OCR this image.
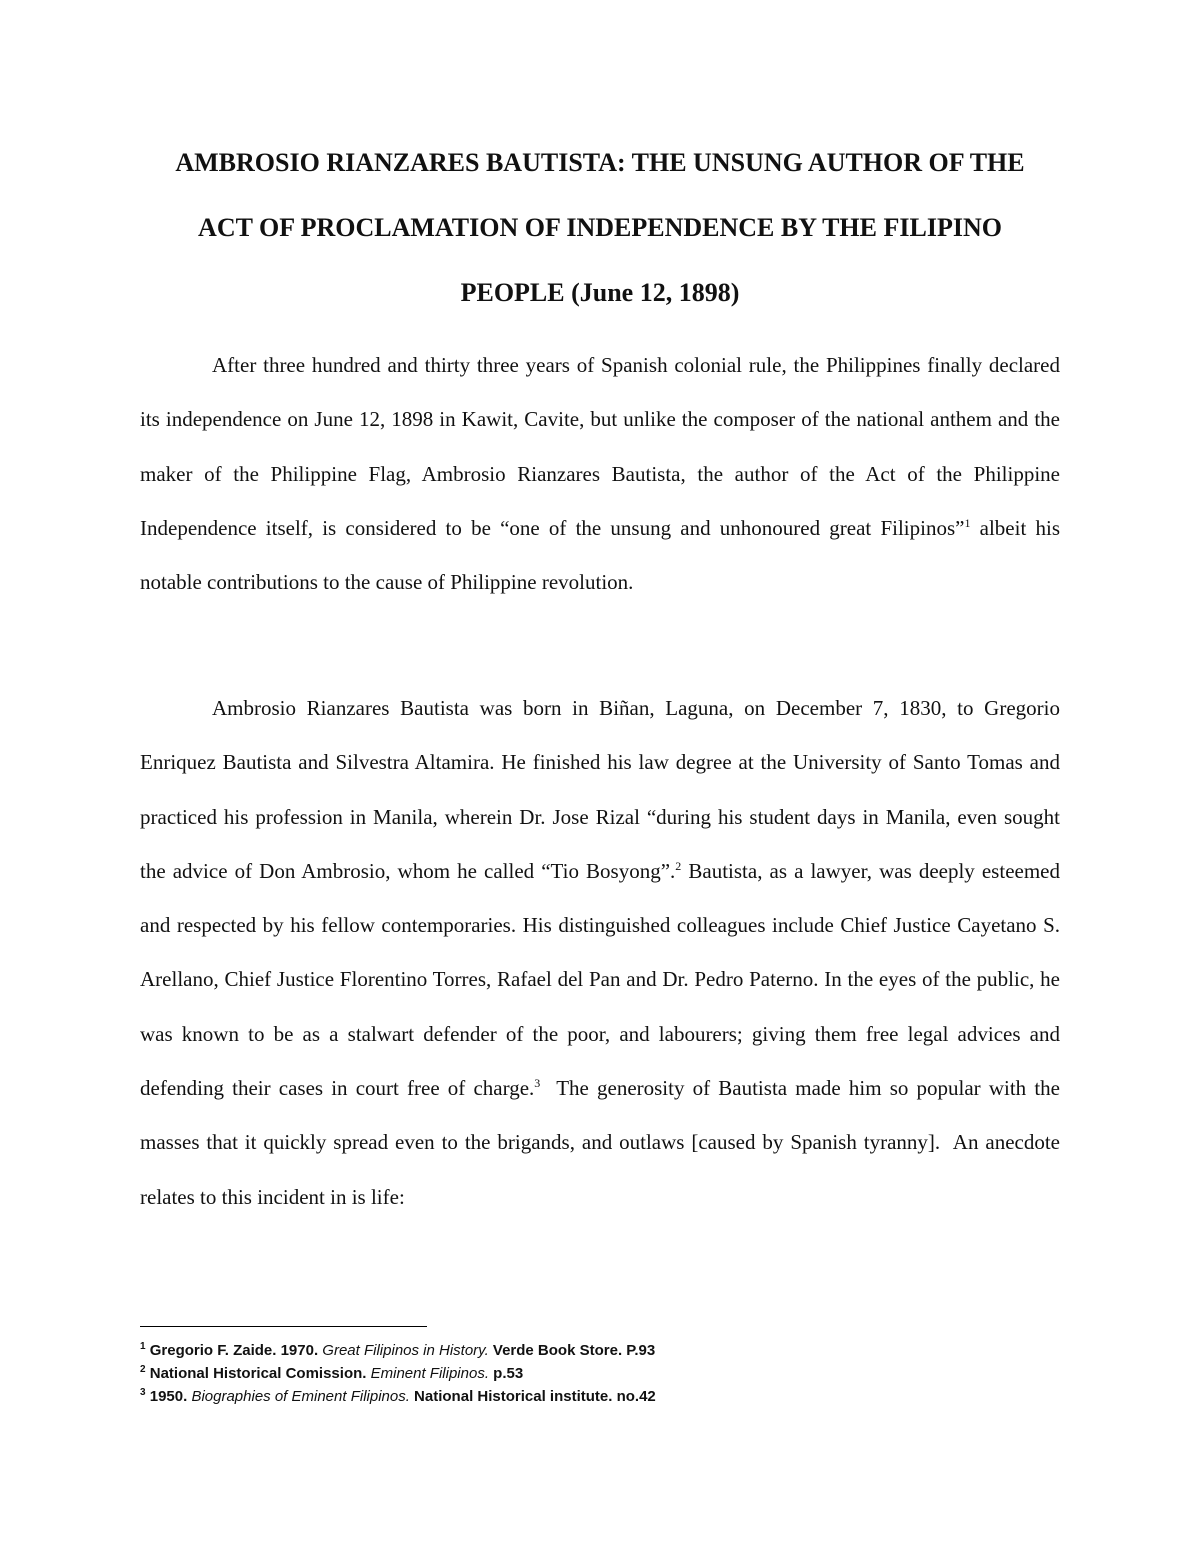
AMBROSIO RIANZARES BAUTISTA: THE UNSUNG AUTHOR OF THE
ACT OF PROCLAMATION OF INDEPENDENCE BY THE FILIPINO
PEOPLE (June 12, 1898)

After three hundred and thirty three years of Spanish colonial rule, the Philippines finally declared its independence on June 12, 1898 in Kawit, Cavite, but unlike the composer of the national anthem and the maker of the Philippine Flag, Ambrosio Rianzares Bautista, the author of the Act of the Philippine Independence itself, is considered to be “one of the unsung and unhonoured great Filipinos”$^1$ albeit his notable contributions to the cause of Philippine revolution.

Ambrosio Rianzares Bautista was born in Biñan, Laguna, on December 7, 1830, to Gregorio Enriquez Bautista and Silvestra Altamira. He finished his law degree at the University of Santo Tomas and practiced his profession in Manila, wherein Dr. Jose Rizal “during his student days in Manila, even sought the advice of Don Ambrosio, whom he called “Tio Bosyong”.$^2$ Bautista, as a lawyer, was deeply esteemed and respected by his fellow contemporaries. His distinguished colleagues include Chief Justice Cayetano S. Arellano, Chief Justice Florentino Torres, Rafael del Pan and Dr. Pedro Paterno. In the eyes of the public, he was known to be as a stalwart defender of the poor, and labourers; giving them free legal advices and defending their cases in court free of charge.$^3$  The generosity of Bautista made him so popular with the masses that it quickly spread even to the brigands, and outlaws [caused by Spanish tyranny].  An anecdote relates to this incident in is life:

$^1$ Gregorio F. Zaide. 1970. Great Filipinos in History. Verde Book Store. P.93
$^2$ National Historical Comission. Eminent Filipinos. p.53
$^3$ 1950. Biographies of Eminent Filipinos. National Historical institute. no.42
